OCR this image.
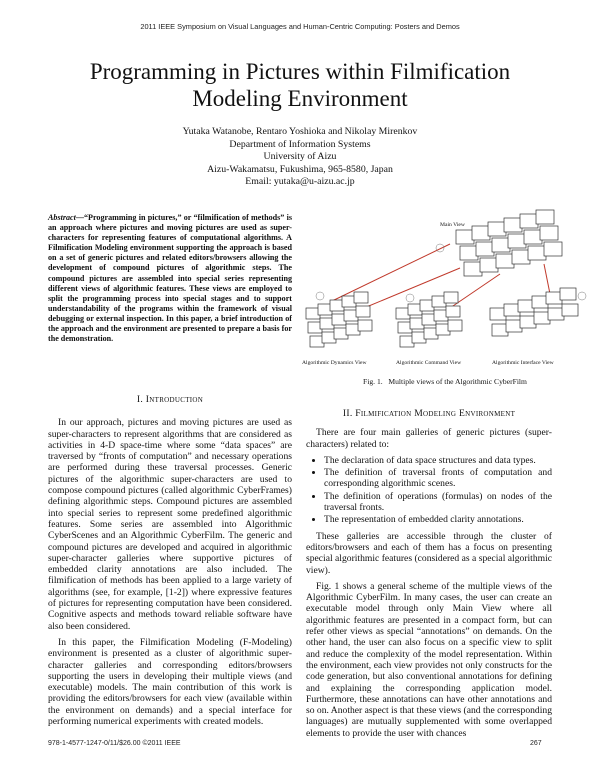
2011 IEEE Symposium on Visual Languages and Human-Centric Computing: Posters and Demos
Programming in Pictures within Filmification
Modeling Environment
Yutaka Watanobe, Rentaro Yoshioka and Nikolay Mirenkov
Department of Information Systems
University of Aizu
Aizu-Wakamatsu, Fukushima, 965-8580, Japan
Email: yutaka@u-aizu.ac.jp
Abstract—“Programming in pictures,” or “filmification of methods” is an approach where pictures and moving pictures are used as super-characters for representing features of computational algorithms. A Filmification Modeling environment supporting the approach is based on a set of generic pictures and related editors/browsers allowing the development of compound pictures of algorithmic steps. The compound pictures are assembled into special series representing different views of algorithmic features. These views are employed to split the programming process into special stages and to support understandability of the programs within the framework of visual debugging or external inspection. In this paper, a brief introduction of the approach and the environment are presented to prepare a basis for the demonstration.
Main View
Algorithmic Dynamics View	Algorithmic Command View	Algorithmic Interface View
Fig. 1. Multiple views of the Algorithmic CyberFilm
I. Introduction

In our approach, pictures and moving pictures are used as super-characters to represent algorithms that are considered as activities in 4-D space-time where some “data spaces” are traversed by “fronts of computation” and necessary operations are performed during these traversal processes. Generic pictures of the algorithmic super-characters are used to compose compound pictures (called algorithmic CyberFrames) defining algorithmic steps. Compound pictures are assembled into special series to represent some predefined algorithmic features. Some series are assembled into Algorithmic CyberScenes and an Algorithmic CyberFilm. The generic and compound pictures are developed and acquired in algorithmic super-character galleries where supportive pictures of embedded clarity annotations are also included. The filmification of methods has been applied to a large variety of algorithms (see, for example, [1-2]) where expressive features of pictures for representing computation have been considered. Cognitive aspects and methods toward reliable software have also been considered.

In this paper, the Filmification Modeling (F-Modeling) environment is presented as a cluster of algorithmic super-character galleries and corresponding editors/browsers supporting the users in developing their multiple views (and executable) models. The main contribution of this work is providing the editors/browsers for each view (available within the environment on demands) and a special interface for performing numerical experiments with created models.

II. Filmification Modeling Environment

There are four main galleries of generic pictures (super-characters) related to:

• The declaration of data space structures and data types.
• The definition of traversal fronts of computation and corresponding algorithmic scenes.
• The definition of operations (formulas) on nodes of the traversal fronts.
• The representation of embedded clarity annotations.

These galleries are accessible through the cluster of editors/browsers and each of them has a focus on presenting special algorithmic features (considered as a special algorithmic view).

Fig. 1 shows a general scheme of the multiple views of the Algorithmic CyberFilm. In many cases, the user can create an executable model through only Main View where all algorithmic features are presented in a compact form, but can refer other views as special “annotations” on demands. On the other hand, the user can also focus on a specific view to split and reduce the complexity of the model representation. Within the environment, each view provides not only constructs for the code generation, but also conventional annotations for defining and explaining the corresponding application model. Furthermore, these annotations can have other annotations and so on. Another aspect is that these views (and the corresponding languages) are mutually supplemented with some overlapped elements to provide the user with chances

978-1-4577-1247-0/11/$26.00 ©2011 IEEE	267
